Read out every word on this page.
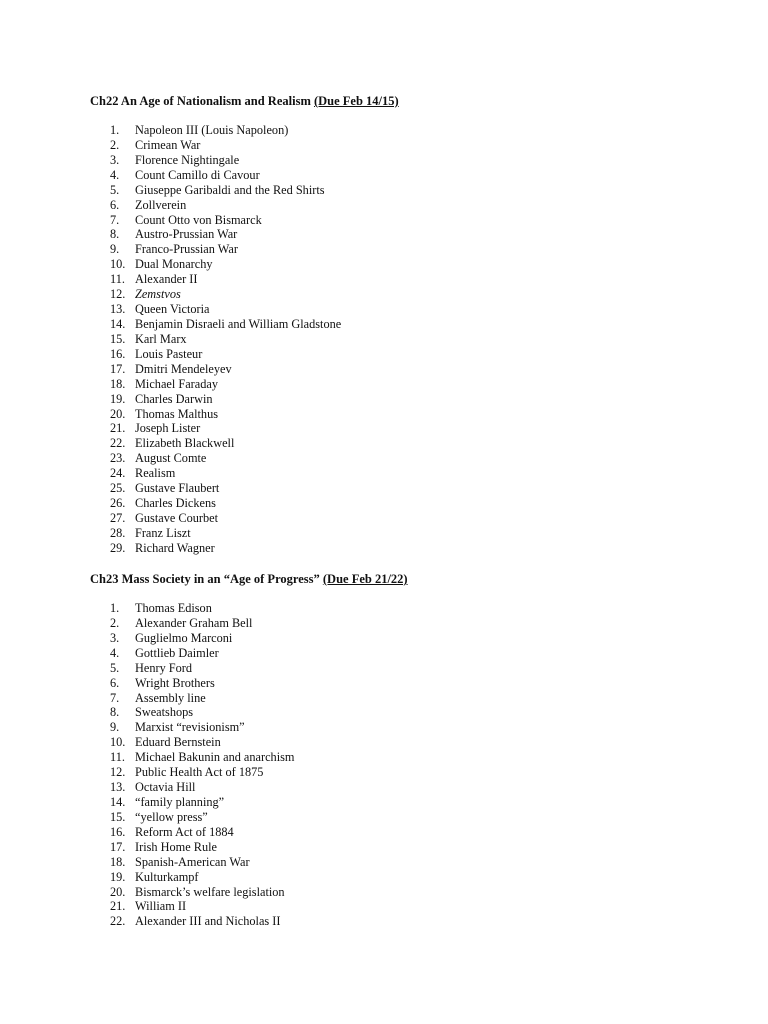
Ch22 An Age of Nationalism and Realism (Due Feb 14/15)

1. Napoleon III (Louis Napoleon)
2. Crimean War
3. Florence Nightingale
4. Count Camillo di Cavour
5. Giuseppe Garibaldi and the Red Shirts
6. Zollverein
7. Count Otto von Bismarck
8. Austro-Prussian War
9. Franco-Prussian War
10. Dual Monarchy
11. Alexander II
12. Zemstvos
13. Queen Victoria
14. Benjamin Disraeli and William Gladstone
15. Karl Marx
16. Louis Pasteur
17. Dmitri Mendeleyev
18. Michael Faraday
19. Charles Darwin
20. Thomas Malthus
21. Joseph Lister
22. Elizabeth Blackwell
23. August Comte
24. Realism
25. Gustave Flaubert
26. Charles Dickens
27. Gustave Courbet
28. Franz Liszt
29. Richard Wagner

Ch23 Mass Society in an “Age of Progress” (Due Feb 21/22)

1. Thomas Edison
2. Alexander Graham Bell
3. Guglielmo Marconi
4. Gottlieb Daimler
5. Henry Ford
6. Wright Brothers
7. Assembly line
8. Sweatshops
9. Marxist “revisionism”
10. Eduard Bernstein
11. Michael Bakunin and anarchism
12. Public Health Act of 1875
13. Octavia Hill
14. “family planning”
15. “yellow press”
16. Reform Act of 1884
17. Irish Home Rule
18. Spanish-American War
19. Kulturkampf
20. Bismarck’s welfare legislation
21. William II
22. Alexander III and Nicholas II
